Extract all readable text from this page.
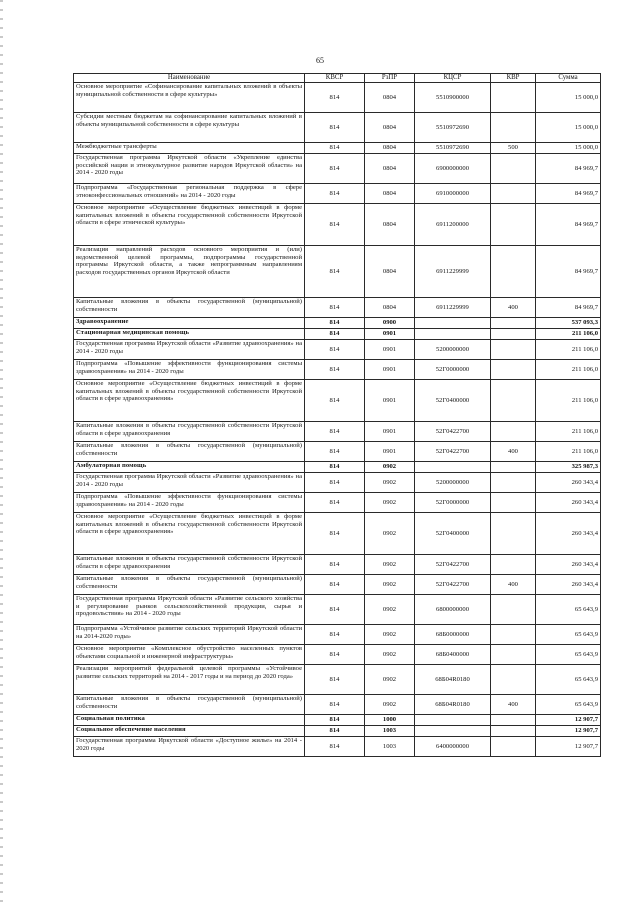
65
Наименование	КВСР	РзПР	КЦСР	КВР	Сумма
Основное мероприятие «Софинансирование капитальных вложений в объекты муниципальной собственности в сфере культуры»	814	0804	5510900000		15 000,0
Субсидии местным бюджетам на софинансирование капитальных вложений в объекты муниципальной собственности в сфере культуры	814	0804	5510972690		15 000,0
Межбюджетные трансферты	814	0804	5510972690	500	15 000,0
Государственная программа Иркутской области «Укрепление единства российской нации и этнокультурное развитие народов Иркутской области» на 2014 - 2020 годы	814	0804	6900000000		84 969,7
Подпрограмма «Государственная региональная поддержка в сфере этноконфессиональных отношений» на 2014 - 2020 годы	814	0804	6910000000		84 969,7
Основное мероприятие «Осуществление бюджетных инвестиций в форме капитальных вложений в объекты государственной собственности Иркутской области в сфере этнической культуры»	814	0804	6911200000		84 969,7
Реализация направлений расходов основного мероприятия и (или) ведомственной целевой программы, подпрограммы государственной программы Иркутской области, а также непрограммным направлениям расходов государственных органов Иркутской области	814	0804	6911229999		84 969,7
Капитальные вложения в объекты государственной (муниципальной) собственности	814	0804	6911229999	400	84 969,7
Здравоохранение	814	0900			537 093,3
Стационарная медицинская помощь	814	0901			211 106,0
Государственная программа Иркутской области «Развитие здравоохранения» на 2014 - 2020 годы	814	0901	5200000000		211 106,0
Подпрограмма «Повышение эффективности функционирования системы здравоохранения» на 2014 - 2020 годы	814	0901	52Г0000000		211 106,0
Основное мероприятие «Осуществление бюджетных инвестиций в форме капитальных вложений в объекты государственной собственности Иркутской области в сфере здравоохранения»	814	0901	52Г0400000		211 106,0
Капитальные вложения в объекты государственной собственности Иркутской области в сфере здравоохранения	814	0901	52Г0422700		211 106,0
Капитальные вложения в объекты государственной (муниципальной) собственности	814	0901	52Г0422700	400	211 106,0
Амбулаторная помощь	814	0902			325 987,3
Государственная программа Иркутской области «Развитие здравоохранения» на 2014 - 2020 годы	814	0902	5200000000		260 343,4
Подпрограмма «Повышение эффективности функционирования системы здравоохранения» на 2014 - 2020 годы	814	0902	52Г0000000		260 343,4
Основное мероприятие «Осуществление бюджетных инвестиций в форме капитальных вложений в объекты государственной собственности Иркутской области в сфере здравоохранения»	814	0902	52Г0400000		260 343,4
Капитальные вложения в объекты государственной собственности Иркутской области в сфере здравоохранения	814	0902	52Г0422700		260 343,4
Капитальные вложения в объекты государственной (муниципальной) собственности	814	0902	52Г0422700	400	260 343,4
Государственная программа Иркутской области «Развитие сельского хозяйства и регулирование рынков сельскохозяйственной продукции, сырья и продовольствия» на 2014 - 2020 годы	814	0902	6800000000		65 643,9
Подпрограмма «Устойчивое развитие сельских территорий Иркутской области на 2014-2020 годы»	814	0902	68Б0000000		65 643,9
Основное мероприятие «Комплексное обустройство населенных пунктов объектами социальной и инженерной инфраструктуры»	814	0902	68Б0400000		65 643,9
Реализация мероприятий федеральной целевой программы «Устойчивое развитие сельских территорий на 2014 - 2017 годы и на период до 2020 года»	814	0902	68Б04R0180		65 643,9
Капитальные вложения в объекты государственной (муниципальной) собственности	814	0902	68Б04R0180	400	65 643,9
Социальная политика	814	1000			12 907,7
Социальное обеспечение населения	814	1003			12 907,7
Государственная программа Иркутской области «Доступное жилье» на 2014 - 2020 годы	814	1003	6400000000		12 907,7
